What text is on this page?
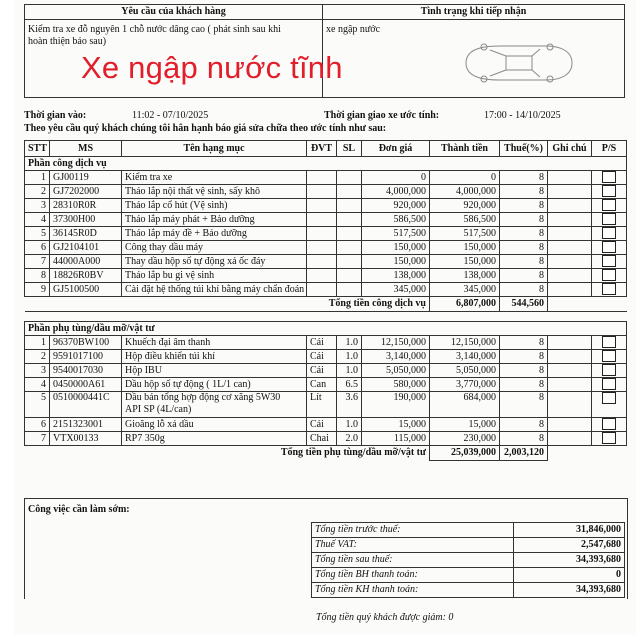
Yêu cầu của khách hàng	Tình trạng khi tiếp nhận

Kiểm tra xe đỗ nguyên 1 chỗ nước dâng cao ( phát sinh sau khi
hoàn thiện báo sau)	xe ngập nước
Xe ngập nước tĩnh
Thời gian vào:	11:02 - 07/10/2025	Thời gian giao xe ước tính:	17:00 - 14/10/2025
Theo yêu cầu quý khách chúng tôi hân hạnh báo giá sửa chữa theo ước tính như sau:
STT	MS	Tên hạng mục	ĐVT	SL	Đơn giá	Thành tiền	Thuế(%)	Ghi chú	P/S
Phần công dịch vụ									
1	GJ00119	Kiểm tra xe			0	0	8		
2	GJ7202000	Tháo lắp nội thất vệ sinh, sấy khô			4,000,000	4,000,000	8		
3	28310R0R	Tháo lắp cổ hút (Vệ sinh)			920,000	920,000	8		
4	37300H00	Tháo lắp máy phát + Bảo dưỡng			586,500	586,500	8		
5	36145R0D	Tháo lắp máy đề + Bảo dưỡng			517,500	517,500	8		
6	GJ2104101	Công thay dầu máy			150,000	150,000	8		
7	44000A000	Thay dầu hộp số tự động xả ốc đáy			150,000	150,000	8		
8	18826R0BV	Tháo lắp bu gi vệ sinh			138,000	138,000	8		
9	GJ5100500	Cài đặt hệ thống túi khí bằng máy chẩn đoán			345,000	345,000	8		
Tổng tiền công dịch vụ						6,807,000	544,560		

Phần phụ tùng/dầu mỡ/vật tư									
1	96370BW100	Khuếch đại âm thanh	Cái	1.0	12,150,000	12,150,000	8		
2	9591017100	Hộp điều khiển túi khí	Cái	1.0	3,140,000	3,140,000	8		
3	9540017030	Hộp IBU	Cái	1.0	5,050,000	5,050,000	8		
4	0450000A61	Dầu hộp số tự động ( 1L/1 can)	Can	6.5	580,000	3,770,000	8		
5	0510000441C	Dầu bán tổng hợp động cơ xăng 5W30
API SP (4L/can)	Lít	3.6	190,000	684,000	8		
6	2151323001	Gioăng lỗ xả dầu	Cái	1.0	15,000	15,000	8		
7	VTX00133	RP7 350g	Chai	2.0	115,000	230,000	8		
Tổng tiền phụ tùng/dầu mỡ/vật tư						25,039,000	2,003,120		
Công việc cần làm sớm:
Tổng tiền trước thuế:	31,846,000
Thuế VAT:	2,547,680
Tổng tiền sau thuế:	34,393,680
Tổng tiền BH thanh toán:	0
Tổng tiền KH thanh toán:	34,393,680
Tổng tiền quý khách được giảm: 0
